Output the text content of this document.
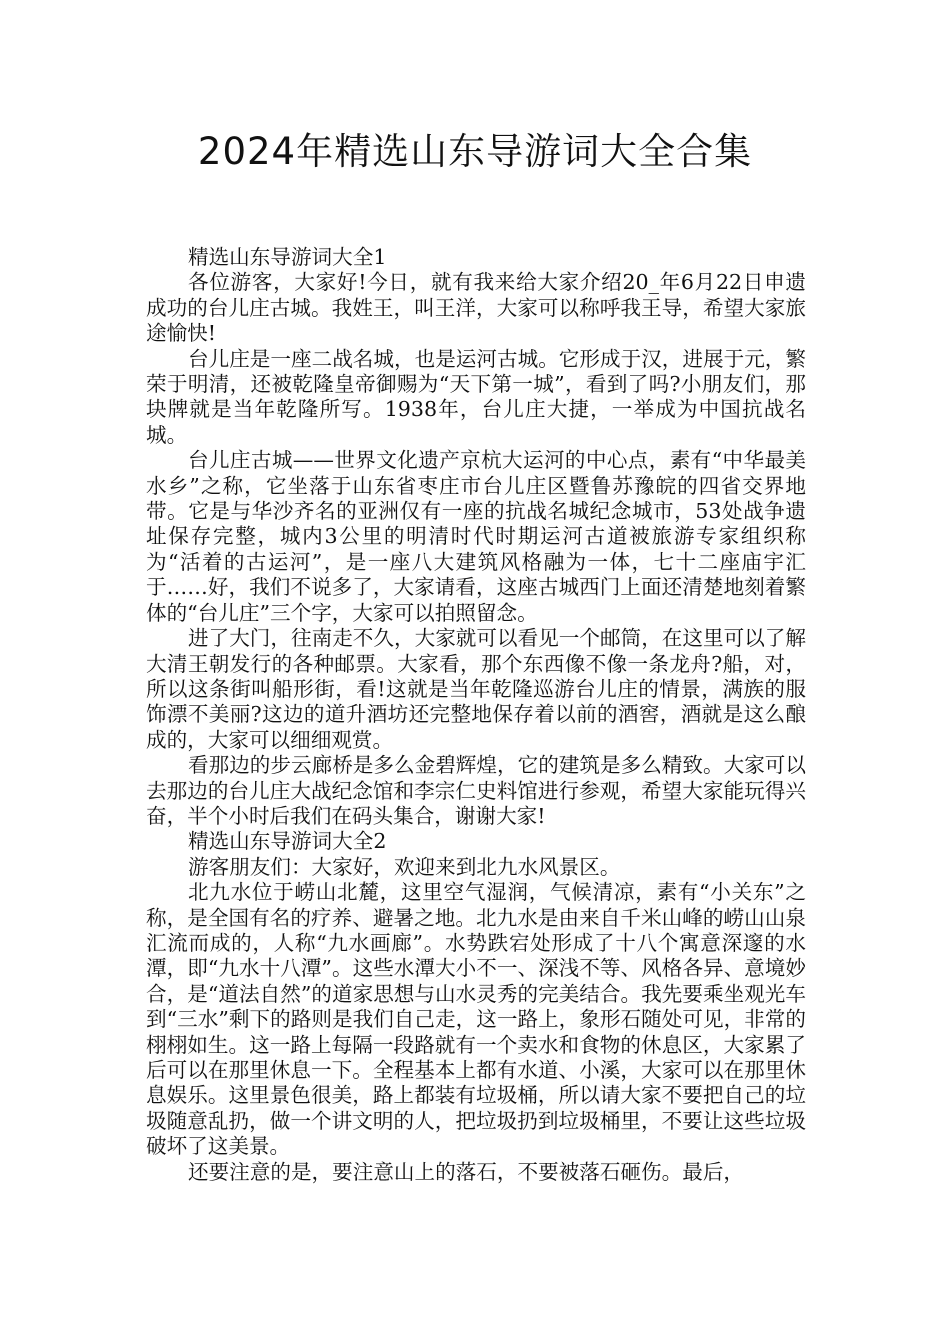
2024年精选山东导游词大全合集

精选山东导游词大全1

各位游客，大家好!今日，就有我来给大家介绍20_年6月22日申遗成功的台儿庄古城。我姓王，叫王洋，大家可以称呼我王导，希望大家旅途愉快!

台儿庄是一座二战名城，也是运河古城。它形成于汉，进展于元，繁荣于明清，还被乾隆皇帝御赐为“天下第一城”，看到了吗?小朋友们，那块牌就是当年乾隆所写。1938年，台儿庄大捷，一举成为中国抗战名城。

台儿庄古城——世界文化遗产京杭大运河的中心点，素有“中华最美水乡”之称，它坐落于山东省枣庄市台儿庄区暨鲁苏豫皖的四省交界地带。它是与华沙齐名的亚洲仅有一座的抗战名城纪念城市，53处战争遗址保存完整，城内3公里的明清时代时期运河古道被旅游专家组织称为“活着的古运河”，是一座八大建筑风格融为一体，七十二座庙宇汇于……好，我们不说多了，大家请看，这座古城西门上面还清楚地刻着繁体的“台儿庄”三个字，大家可以拍照留念。

进了大门，往南走不久，大家就可以看见一个邮筒，在这里可以了解大清王朝发行的各种邮票。大家看，那个东西像不像一条龙舟?船，对，所以这条街叫船形街，看!这就是当年乾隆巡游台儿庄的情景，满族的服饰漂不美丽?这边的道升酒坊还完整地保存着以前的酒窖，酒就是这么酿成的，大家可以细细观赏。

看那边的步云廊桥是多么金碧辉煌，它的建筑是多么精致。大家可以去那边的台儿庄大战纪念馆和李宗仁史料馆进行参观，希望大家能玩得兴奋，半个小时后我们在码头集合，谢谢大家!

精选山东导游词大全2

游客朋友们：大家好，欢迎来到北九水风景区。

北九水位于崂山北麓，这里空气湿润，气候清凉，素有“小关东”之称，是全国有名的疗养、避暑之地。北九水是由来自千米山峰的崂山山泉汇流而成的，人称“九水画廊”。水势跌宕处形成了十八个寓意深邃的水潭，即“九水十八潭”。这些水潭大小不一、深浅不等、风格各异、意境妙合，是“道法自然”的道家思想与山水灵秀的完美结合。我先要乘坐观光车到“三水”剩下的路则是我们自己走，这一路上，象形石随处可见，非常的栩栩如生。这一路上每隔一段路就有一个卖水和食物的休息区，大家累了后可以在那里休息一下。全程基本上都有水道、小溪，大家可以在那里休息娱乐。这里景色很美，路上都装有垃圾桶，所以请大家不要把自己的垃圾随意乱扔，做一个讲文明的人，把垃圾扔到垃圾桶里，不要让这些垃圾破坏了这美景。

还要注意的是，要注意山上的落石，不要被落石砸伤。最后，
